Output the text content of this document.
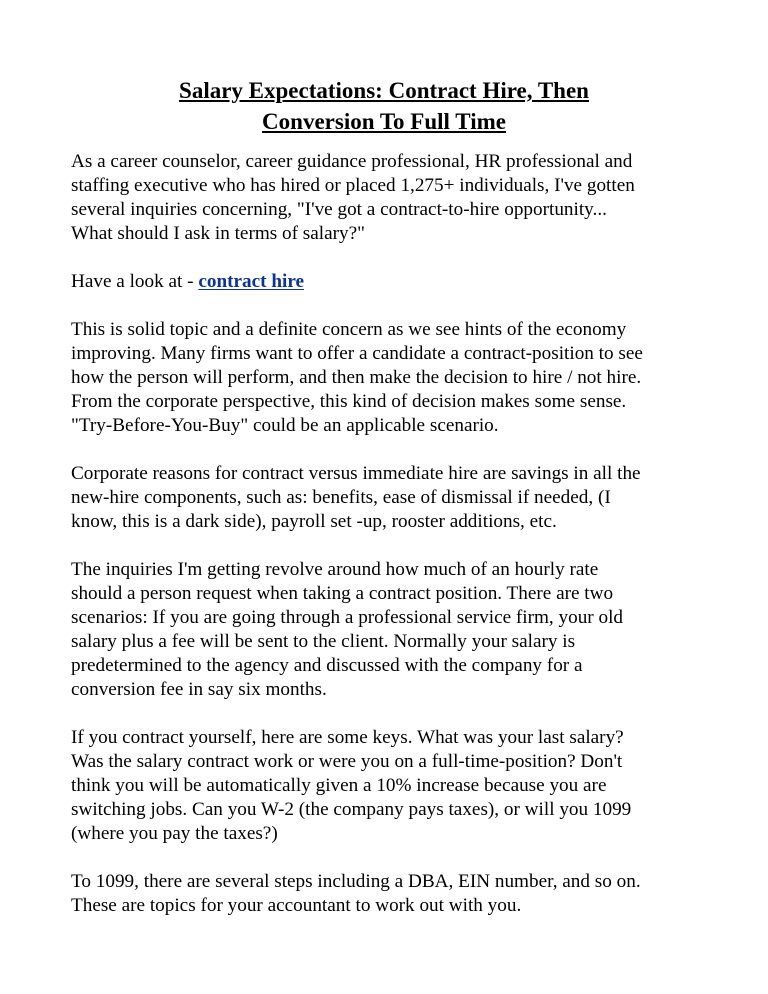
Salary Expectations: Contract Hire, Then
Conversion To Full Time

As a career counselor, career guidance professional, HR professional and
staffing executive who has hired or placed 1,275+ individuals, I've gotten
several inquiries concerning, "I've got a contract-to-hire opportunity...
What should I ask in terms of salary?"

Have a look at - contract hire

This is solid topic and a definite concern as we see hints of the economy
improving. Many firms want to offer a candidate a contract-position to see
how the person will perform, and then make the decision to hire / not hire.
From the corporate perspective, this kind of decision makes some sense.
"Try-Before-You-Buy" could be an applicable scenario.

Corporate reasons for contract versus immediate hire are savings in all the
new-hire components, such as: benefits, ease of dismissal if needed, (I
know, this is a dark side), payroll set -up, rooster additions, etc.

The inquiries I'm getting revolve around how much of an hourly rate
should a person request when taking a contract position. There are two
scenarios: If you are going through a professional service firm, your old
salary plus a fee will be sent to the client. Normally your salary is
predetermined to the agency and discussed with the company for a
conversion fee in say six months.

If you contract yourself, here are some keys. What was your last salary?
Was the salary contract work or were you on a full-time-position? Don't
think you will be automatically given a 10% increase because you are
switching jobs. Can you W-2 (the company pays taxes), or will you 1099
(where you pay the taxes?)

To 1099, there are several steps including a DBA, EIN number, and so on.
These are topics for your accountant to work out with you.
